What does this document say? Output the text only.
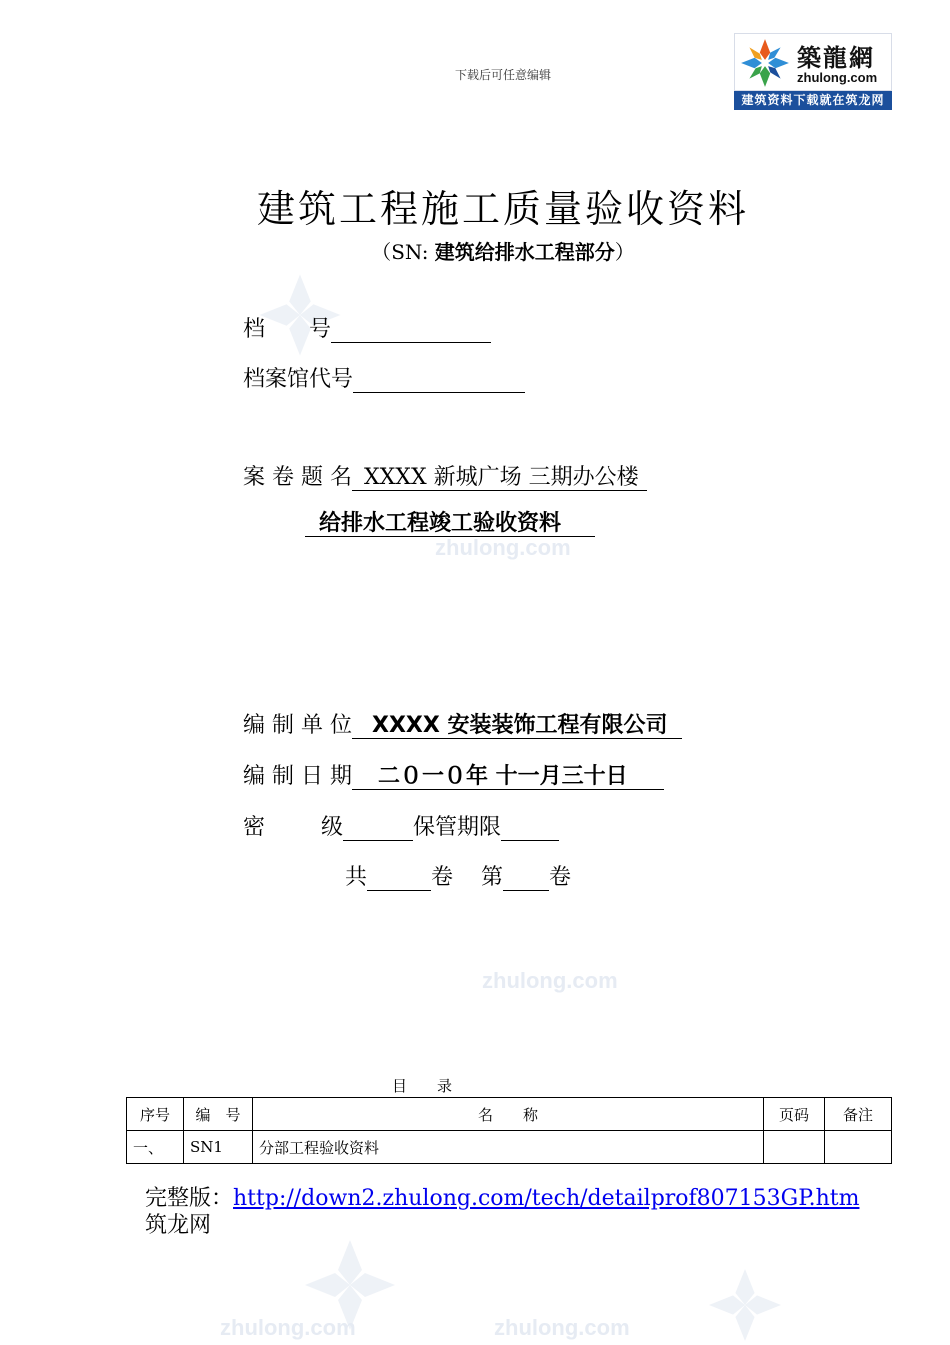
zhulong.com
zhulong.com
zhulong.com
zhulong.com
下载后可任意编辑
築龍網
zhulong.com
建筑资料下载就在筑龙网
建筑工程施工质量验收资料
（SN: 建筑给排水工程部分）
档 号
档案馆代号
案 卷 题 名 XXXX 新城广场 三期办公楼
给排水工程竣工验收资料
编 制 单 位 XXXX 安装装饰工程有限公司
编 制 日 期 二０一０年 十一月三十日
密	级	保管期限
共	卷 第 卷
目录
序号	编　号	名　　称	页码	备注
一、	SN1	分部工程验收资料		
完整版：http://down2.zhulong.com/tech/detailprof807153GP.htm
筑龙网
